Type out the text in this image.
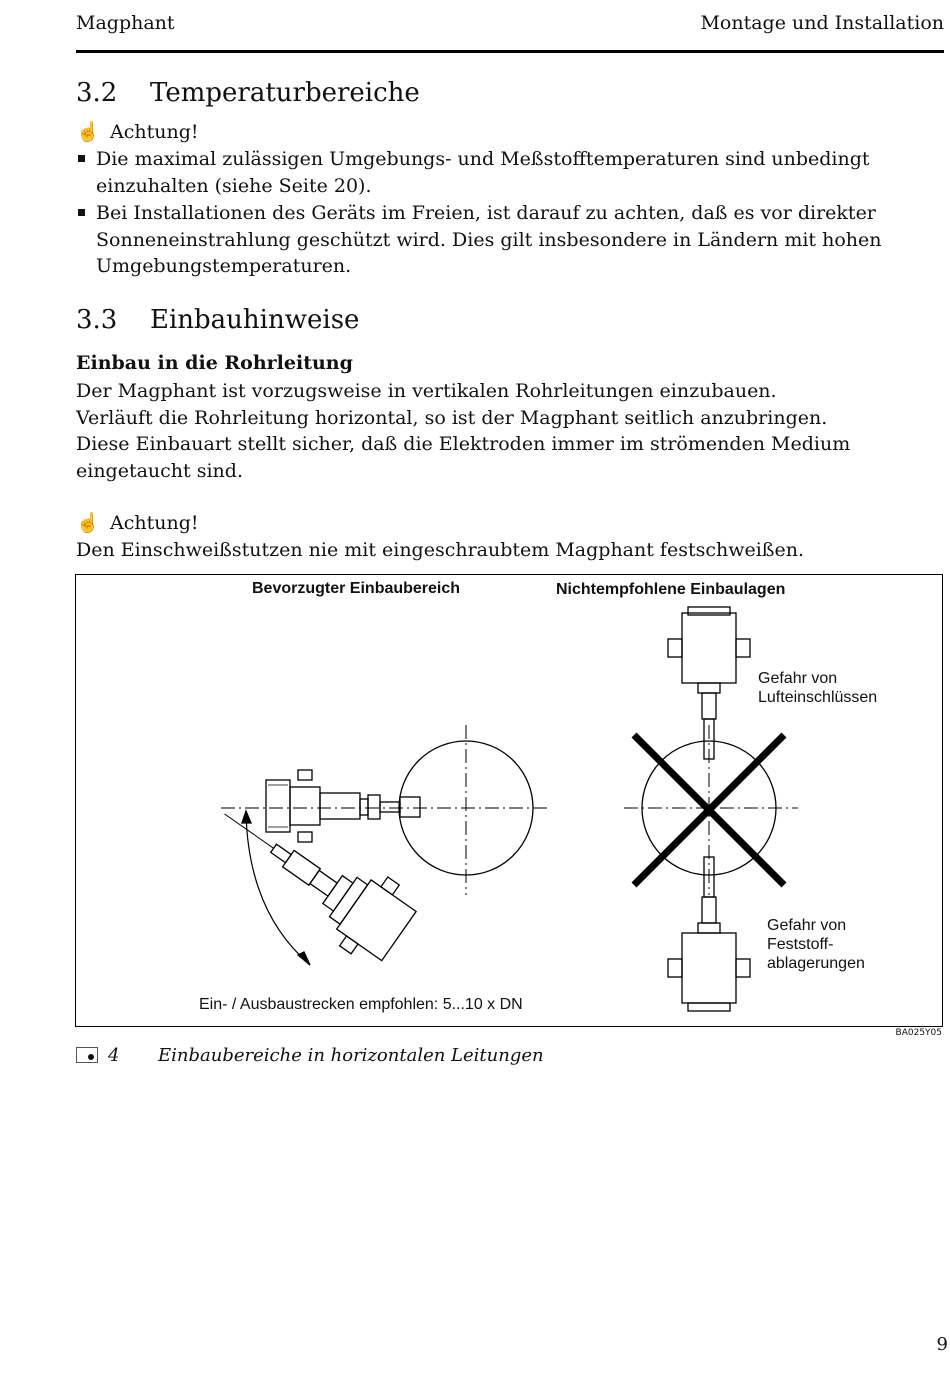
Magphant	Montage und Installation
3.2 Temperaturbereiche
☝ Achtung!
Die maximal zulässigen Umgebungs- und Meßstofftemperaturen sind unbedingt einzuhalten (siehe Seite 20).
Bei Installationen des Geräts im Freien, ist darauf zu achten, daß es vor direkter Sonneneinstrahlung geschützt wird. Dies gilt insbesondere in Ländern mit hohen Umgebungstemperaturen.
3.3 Einbauhinweise
Einbau in die Rohrleitung
Der Magphant ist vorzugsweise in vertikalen Rohrleitungen einzubauen.
Verläuft die Rohrleitung horizontal, so ist der Magphant seitlich anzubringen.
Diese Einbauart stellt sicher, daß die Elektroden immer im strömenden Medium eingetaucht sind.
☝ Achtung!
Den Einschweißstutzen nie mit eingeschraubtem Magphant festschweißen.
Bevorzugter Einbaubereich	Nichtempfohlene Einbaulagen
Gefahr von
Lufteinschlüssen
Gefahr von
Feststoff-
ablagerungen
Ein- / Ausbaustrecken empfohlen: 5...10 x DN
BA025Y05
4 Einbaubereiche in horizontalen Leitungen
9
